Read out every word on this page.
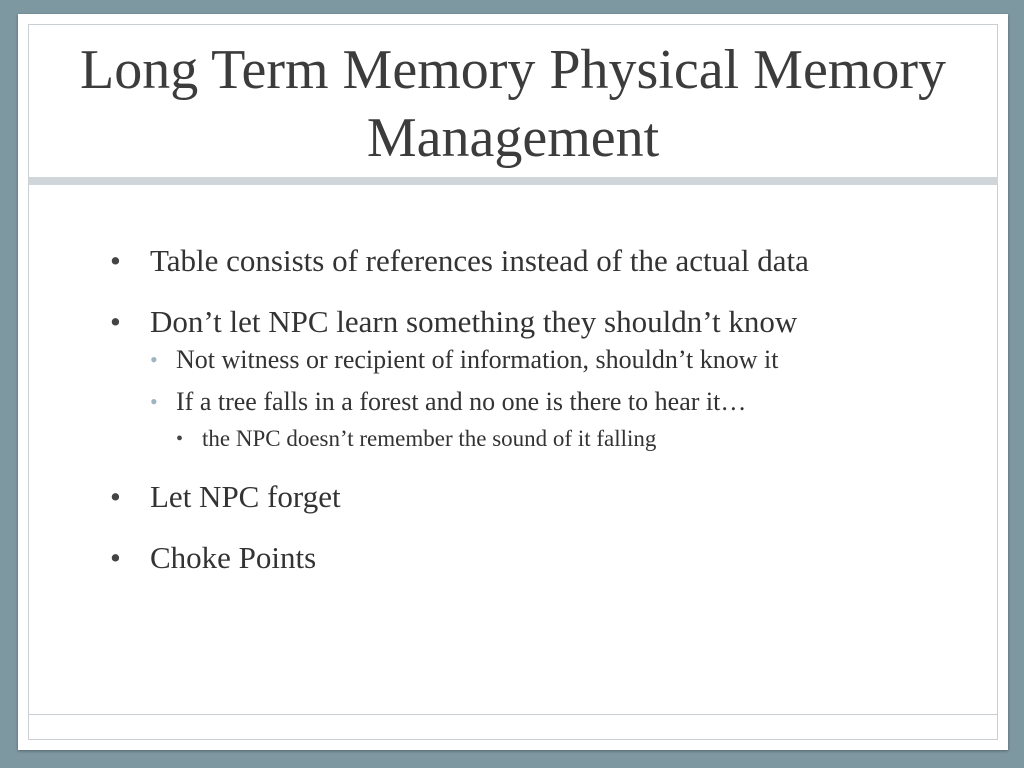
Long Term Memory Physical Memory Management
• Table consists of references instead of the actual data
• Don’t let NPC learn something they shouldn’t know
• Not witness or recipient of information, shouldn’t know it
• If a tree falls in a forest and no one is there to hear it…
• the NPC doesn’t remember the sound of it falling
• Let NPC forget
• Choke Points
